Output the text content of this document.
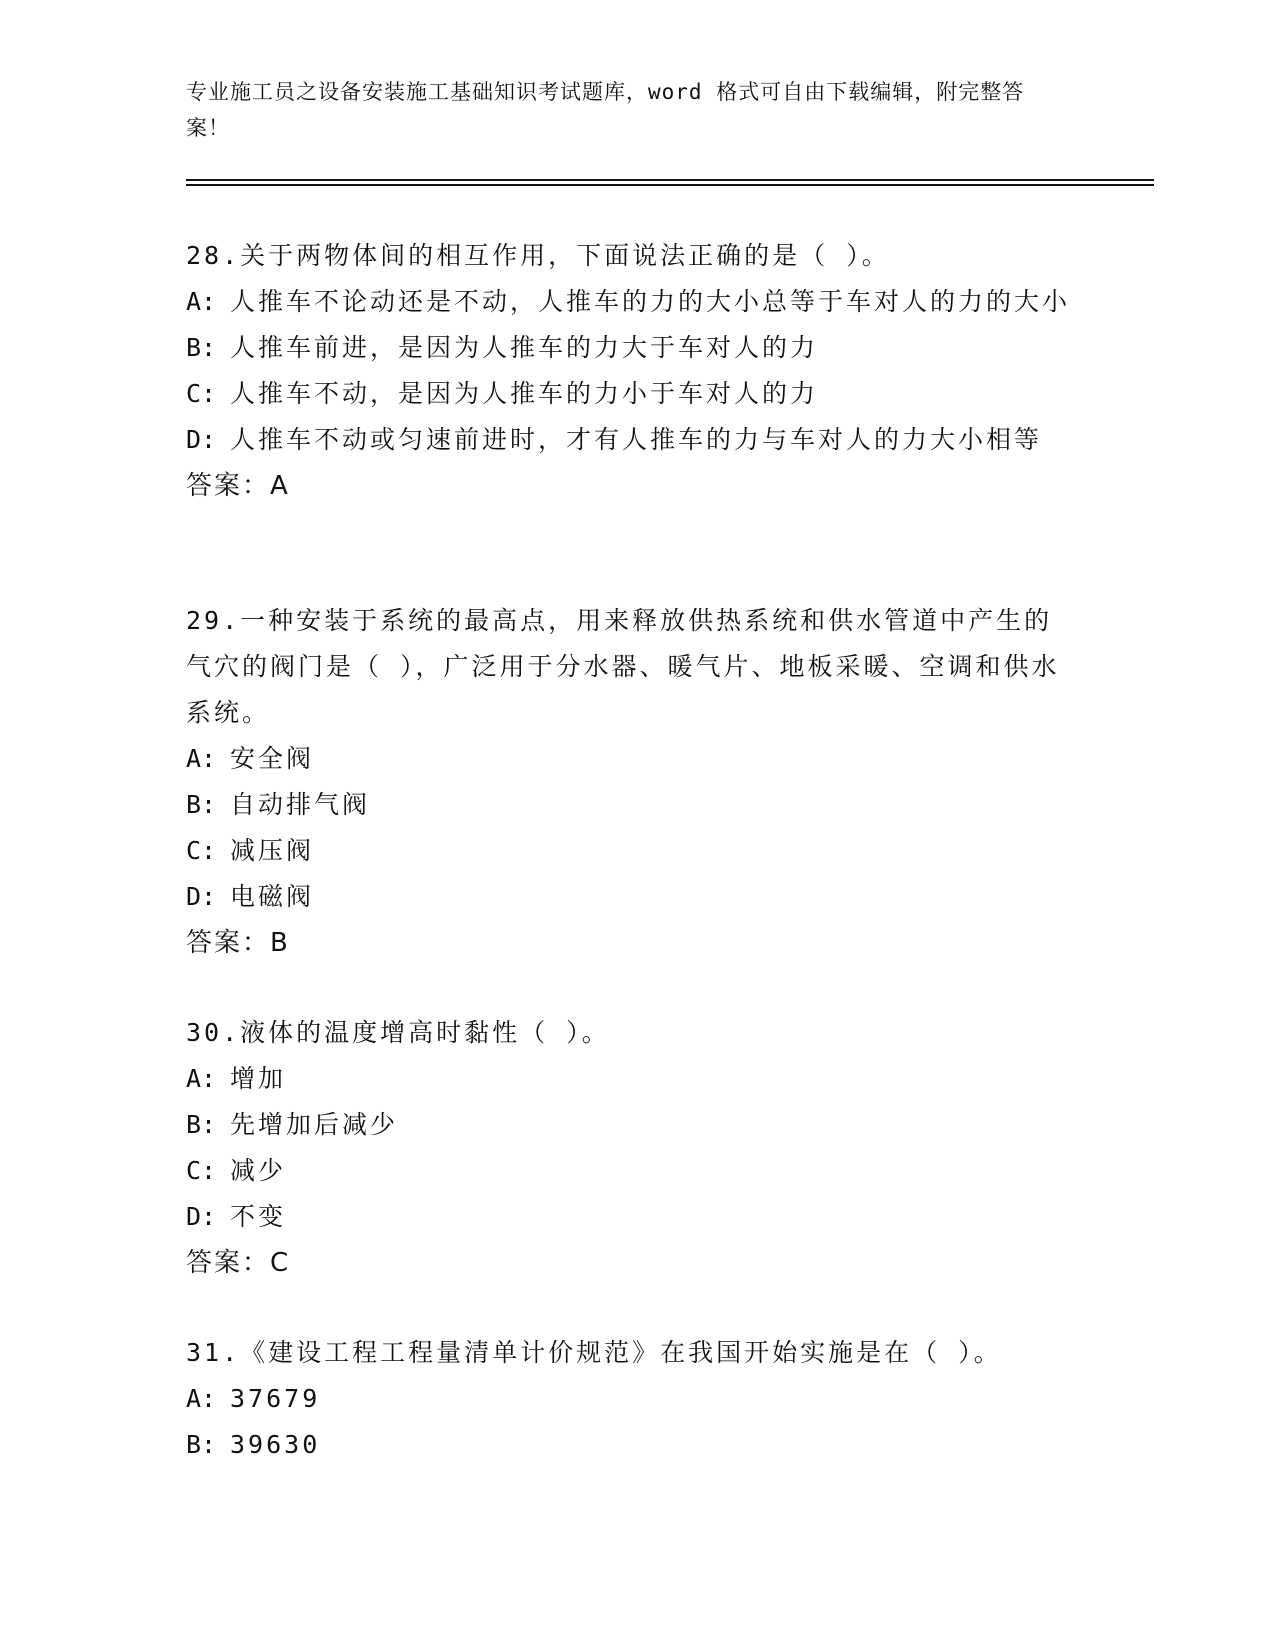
专业施工员之设备安装施工基础知识考试题库，word 格式可自由下载编辑，附完整答案！

28.关于两物体间的相互作用，下面说法正确的是（ ）。

A: 人推车不论动还是不动，人推车的力的大小总等于车对人的力的大小

B: 人推车前进，是因为人推车的力大于车对人的力

C: 人推车不动，是因为人推车的力小于车对人的力

D: 人推车不动或匀速前进时，才有人推车的力与车对人的力大小相等

答案：A

29.一种安装于系统的最高点，用来释放供热系统和供水管道中产生的气穴的阀门是（ ），广泛用于分水器、暖气片、地板采暖、空调和供水系统。

A: 安全阀

B: 自动排气阀

C: 减压阀

D: 电磁阀

答案：B

30.液体的温度增高时黏性（ ）。

A: 增加

B: 先增加后减少

C: 减少

D: 不变

答案：C

31.《建设工程工程量清单计价规范》在我国开始实施是在（ ）。

A: 37679

B: 39630
